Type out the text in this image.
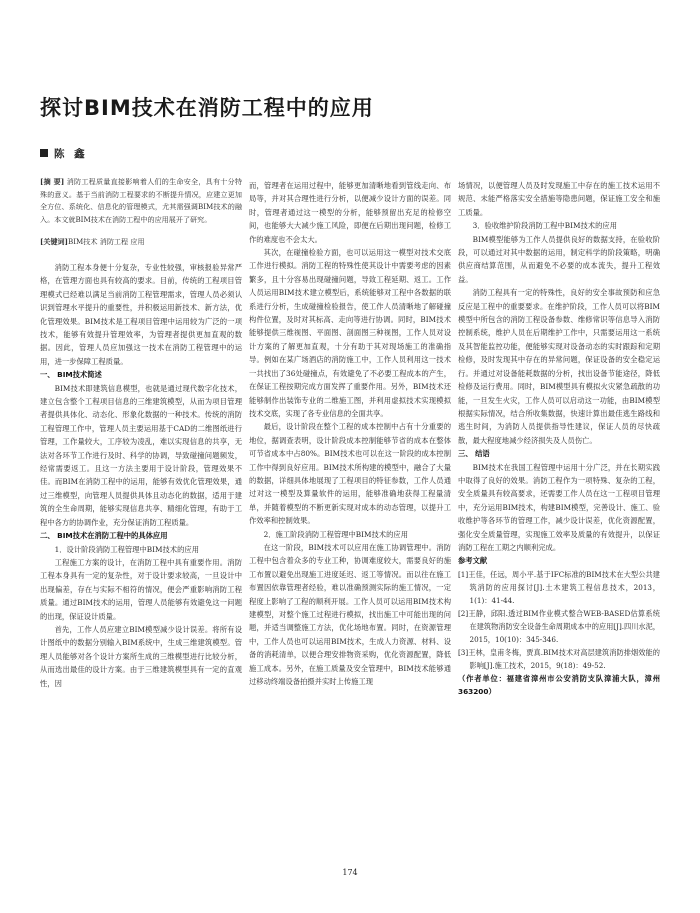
探讨BIM技术在消防工程中的应用
陈 鑫
[摘 要] 消防工程质量直接影响着人们的生命安全，具有十分特殊的意义。基于当前消防工程要求的不断提升情况，应建立更加全方位、系统化、信息化的管理模式，尤其需强调BIM技术的融入。本文就BIM技术在消防工程中的应用展开了研究。
[关键词]BIM技术 消防工程 应用
消防工程本身便十分复杂，专业性较强，审核报验异常严格，在管理方面也具有较高的要求。目前，传统的工程项目管理模式已经难以满足当前消防工程管理需求，管理人员必须认识到管理水平提升的重要性，并积极运用新技术、新方法，优化管理效果。BIM技术是工程项目管理中运用较为广泛的一项技术，能够有效提升管理效率，为管理者提供更加直观的数据。因此，管理人员应加强这一技术在消防工程管理中的运用，进一步保障工程质量。
一、 BIM技术简述
BIM技术即建筑信息模型，也就是通过现代数字化技术，建立包含整个工程项目信息的三维建筑模型，从而为项目管理者提供具体化、动态化、形象化数据的一种技术。传统的消防工程管理工作中，管理人员主要运用基于CAD的二维图纸进行管理，工作量较大，工序较为凌乱，难以实现信息的共享，无法对各环节工作进行及时、科学的协调，导致碰撞问题频发，经常需要返工。且这一方法主要用于设计阶段，管理效果不佳。而BIM在消防工程中的运用，能够有效优化管理效果，通过三维模型，向管理人员提供具体且动态化的数据，适用于建筑的全生命周期，能够实现信息共享、精细化管理，有助于工程中各方的协调作业，充分保证消防工程质量。
二、 BIM技术在消防工程中的具体应用
1．设计阶段消防工程管理中BIM技术的应用
工程施工方案的设计，在消防工程中具有重要作用。消防工程本身具有一定的复杂性，对于设计要求较高，一旦设计中出现偏差，存在与实际不相符的情况，便会严重影响消防工程质量。通过BIM技术的运用，管理人员能够有效避免这一问题的出现，保证设计质量。
首先，工作人员应建立BIM模型减少设计误差。将所有设计图纸中的数据分别输入BIM系统中，生成三维建筑模型。管理人员能够对各个设计方案所生成的三维模型进行比较分析，从而选出最佳的设计方案。由于三维建筑模型具有一定的直观性，因
而，管理者在运用过程中，能够更加清晰地看到管线走向、布局等，并对其合理性进行分析，以便减少设计方面的误差。同时，管理者通过这一模型的分析，能够预留出充足的检修空间，也能够大大减少施工风险，即便在后期出现问题，检修工作的难度也不会太大。
其次，在碰撞检验方面，也可以运用这一模型对技术交底工作进行模拟。消防工程的特殊性使其设计中需要考虑的因素繁多，且十分容易出现碰撞问题，导致工程延期、返工。工作人员运用BIM技术建立模型后，系统能够对工程中各数据的联系进行分析，生成碰撞检验报告，使工作人员清晰地了解碰撞构件位置，及时对其标高、走向等进行协调。同时，BIM技术能够提供三维视图、平面图、剖面图三种视图，工作人员对设计方案的了解更加直观，十分有助于其对现场施工的准确指导。例如在某广场酒店的消防施工中，工作人员利用这一技术一共找出了36处碰撞点，有效避免了不必要工程成本的产生，在保证工程按期完成方面发挥了重要作用。另外，BIM技术还能够制作出装饰专业的二维施工图，并利用虚拟技术实现模拟技术交底，实现了各专业信息的全面共享。
最后，设计阶段在整个工程的成本控制中占有十分重要的地位，据调查表明，设计阶段成本控制能够节省的成本在整体可节省成本中占80%。BIM技术也可以在这一阶段的成本控制工作中得到良好应用。BIM技术所构建的模型中，融合了大量的数据，详细具体地展现了工程项目的特征参数，工作人员通过对这一模型及算量软件的运用，能够准确地获得工程量清单，并随着模型的不断更新实现对成本的动态管理，以提升工作效率和控制效果。
2．施工阶段消防工程管理中BIM技术的应用
在这一阶段，BIM技术可以应用在施工协调管理中。消防工程中包含着众多的专业工种，协调难度较大，需要良好的施工布置以避免出现施工进度延迟、返工等情况。而以往在施工布置因依靠管理者经验，难以准确预测实际的施工情况，一定程度上影响了工程的顺利开展。工作人员可以运用BIM技术构建模型，对整个施工过程进行模拟，找出施工中可能出现的问题，并适当调整施工方法，优化场地布置。同时，在资源管理中，工作人员也可以运用BIM技术，生成人力资源、材料、设备的消耗清单，以便合理安排物资采购，优化资源配置，降低施工成本。另外，在施工质量及安全管理中，BIM技术能够通过移动终端设备拍摄并实时上传施工现
场情况，以便管理人员及时发现施工中存在的施工技术运用不规范、未能严格落实安全措施等隐患问题，保证施工安全和施工质量。
3．验收维护阶段消防工程中BIM技术的应用
BIM模型能够为工作人员提供良好的数据支持，在验收阶段，可以通过对其中数据的运用，制定科学的阶段策略，明确供应商结算范围，从而避免不必要的成本流失，提升工程效益。
消防工程具有一定的特殊性，良好的安全事故预防和应急反应是工程中的重要要求。在维护阶段，工作人员可以将BIM模型中所包含的消防工程设备参数、维修常识等信息导入消防控制系统，维护人员在后期维护工作中，只需要运用这一系统及其智能监控功能，便能够实现对设备动态的实时跟踪和定期检修，及时发现其中存在的异常问题，保证设备的安全稳定运行。并通过对设备能耗数据的分析，找出设备节能途径，降低检修及运行费用。同时，BIM模型具有模拟火灾紧急疏散的功能，一旦发生火灾，工作人员可以启动这一功能，由BIM模型根据实际情况，结合所收集数据，快速计算出最佳逃生路线和逃生时间，为消防人员提供指导性建议，保证人员的尽快疏散，最大程度地减少经济损失及人员伤亡。
三、 结语
BIM技术在我国工程管理中运用十分广泛，并在长期实践中取得了良好的效果。消防工程作为一项特殊、复杂的工程，安全质量具有较高要求，还需要工作人员在这一工程项目管理中，充分运用BIM技术，构建BIM模型，完善设计、施工、验收维护等各环节的管理工作，减少设计误差，优化资源配置，强化安全质量管理，实现施工效率及质量的有效提升，以保证消防工程在工期之内顺利完成。
参考文献
[1]王佳，任远，周小平.基于IFC标准的BIM技术在大型公共建筑消防的应用探讨[J].土木建筑工程信息技术，2013，1(1)：41-44.
[2]王静，邱阳.透过BIM作业模式整合WEB-BASED估算系统在建筑物消防安全设备生命周期成本中的应用[J].四川水泥，2015，10(10)：345-346.
[3]王林，皇甫冬梅，贾真.BIM技术对高层建筑消防排烟效能的影响[J].施工技术，2015，9(18)：49-52.
（作者单位：福建省漳州市公安消防支队漳浦大队，漳州 363200）
174
